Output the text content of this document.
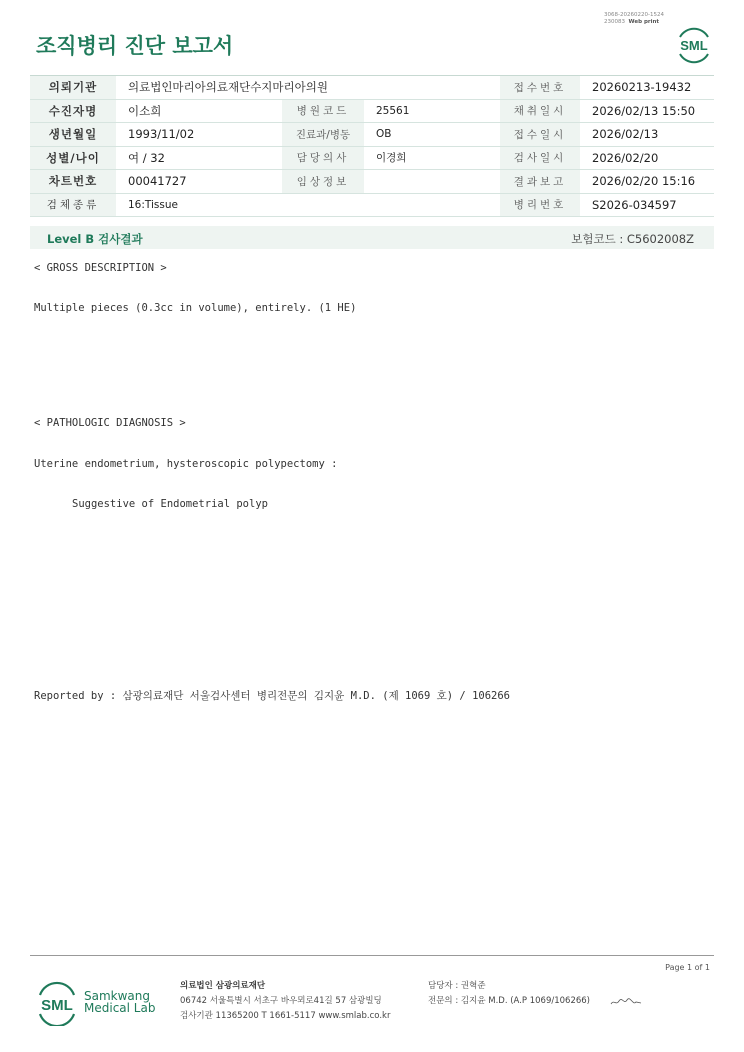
조직병리 진단 보고서
3068-20260220-1524
230083 Web print
SML
의뢰기관	의료법인마리아의료재단수지마리아의원			접수번호	20260213-19432
수진자명	이소희	병원코드	25561	채취일시	2026/02/13 15:50
생년월일	1993/11/02	진료과/병동	OB	접수일시	2026/02/13
성별/나이	여 / 32	담당의사	이경희	검사일시	2026/02/20
차트번호	00041727	임상정보		결과보고	2026/02/20 15:16
검체종류	16:Tissue			병리번호	S2026-034597
Level B 검사결과	보험코드 : C5602008Z
< GROSS DESCRIPTION >
Multiple pieces (0.3cc in volume), entirely. (1 HE)
< PATHOLOGIC DIAGNOSIS >
Uterine endometrium, hysteroscopic polypectomy :
Suggestive of Endometrial polyp
Reported by : 삼광의료재단 서울검사센터 병리전문의 김지윤 M.D. (제 1069 호) / 106266
Page 1 of 1
SML
Samkwang
Medical Lab
의료법인 삼광의료재단
06742 서울특별시 서초구 바우뫼로41길 57 삼광빌딩
검사기관 11365200 T 1661-5117 www.smlab.co.kr
담당자 : 권혁준
전문의 : 김지윤 M.D. (A.P 1069/106266)
